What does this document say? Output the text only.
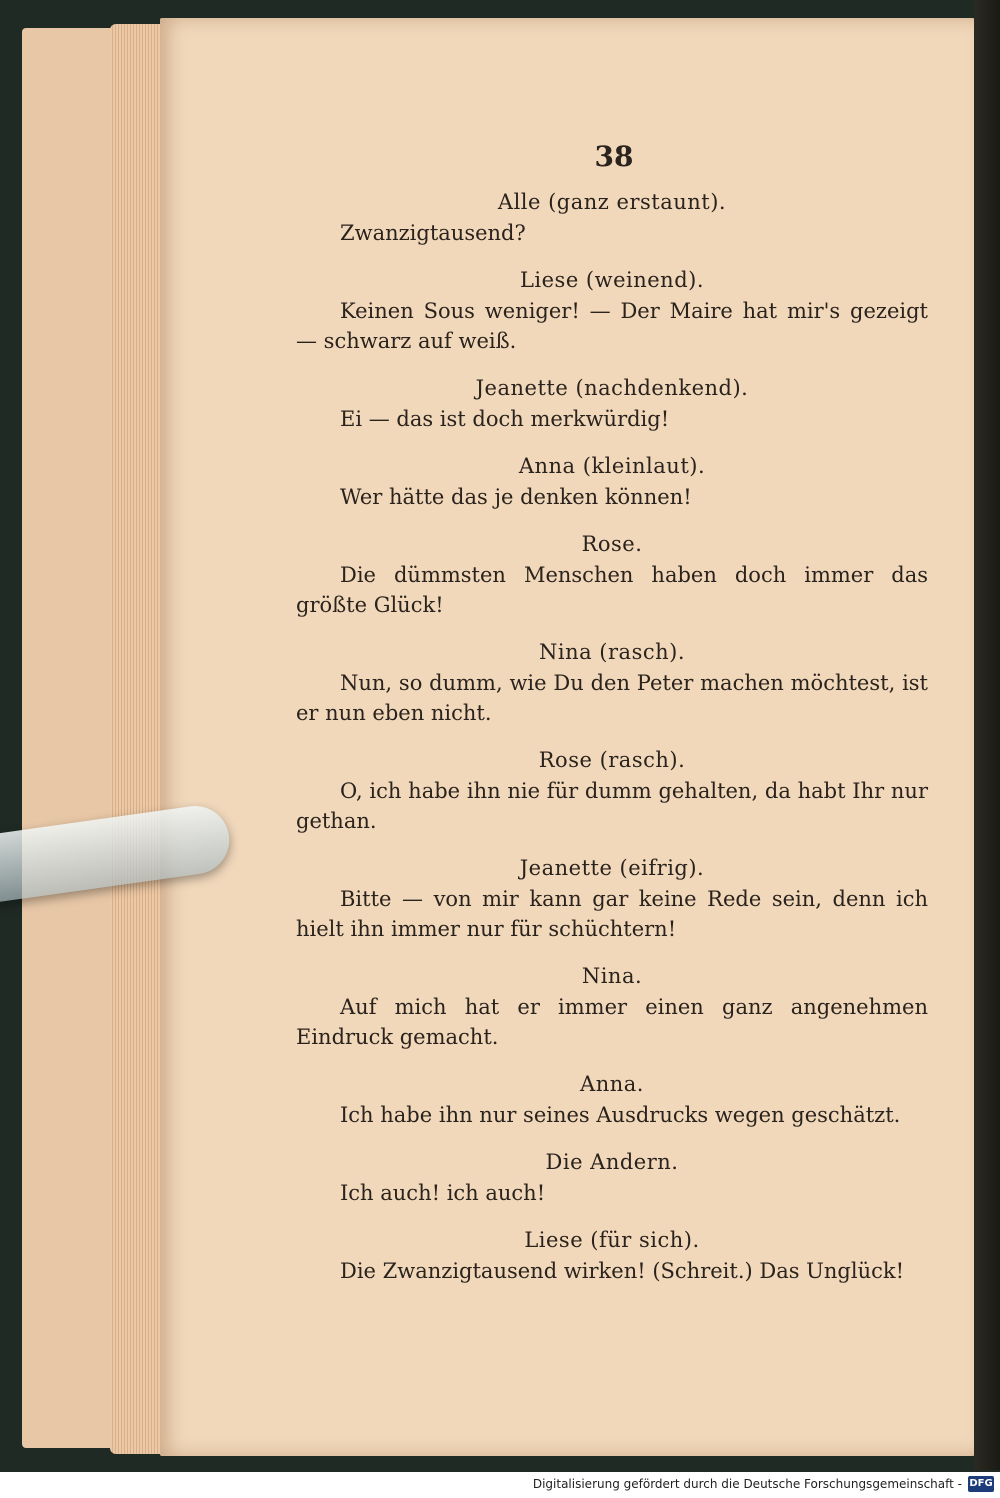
38
Alle (ganz erstaunt).

Zwanzigtausend?

Liese (weinend).

Keinen Sous weniger! — Der Maire hat mir's gezeigt — schwarz auf weiß.

Jeanette (nachdenkend).

Ei — das ist doch merkwürdig!

Anna (kleinlaut).

Wer hätte das je denken können!

Rose.

Die dümmsten Menschen haben doch immer das größte Glück!

Nina (rasch).

Nun, so dumm, wie Du den Peter machen möchtest, ist er nun eben nicht.

Rose (rasch).

O, ich habe ihn nie für dumm gehalten, da habt Ihr nur gethan.

Jeanette (eifrig).

Bitte — von mir kann gar keine Rede sein, denn ich hielt ihn immer nur für schüchtern!

Nina.

Auf mich hat er immer einen ganz angenehmen Eindruck gemacht.

Anna.

Ich habe ihn nur seines Ausdrucks wegen geschätzt.

Die Andern.

Ich auch! ich auch!

Liese (für sich).

Die Zwanzigtausend wirken! (Schreit.) Das Unglück!

Digitalisierung gefördert durch die Deutsche Forschungsgemeinschaft - DFG
